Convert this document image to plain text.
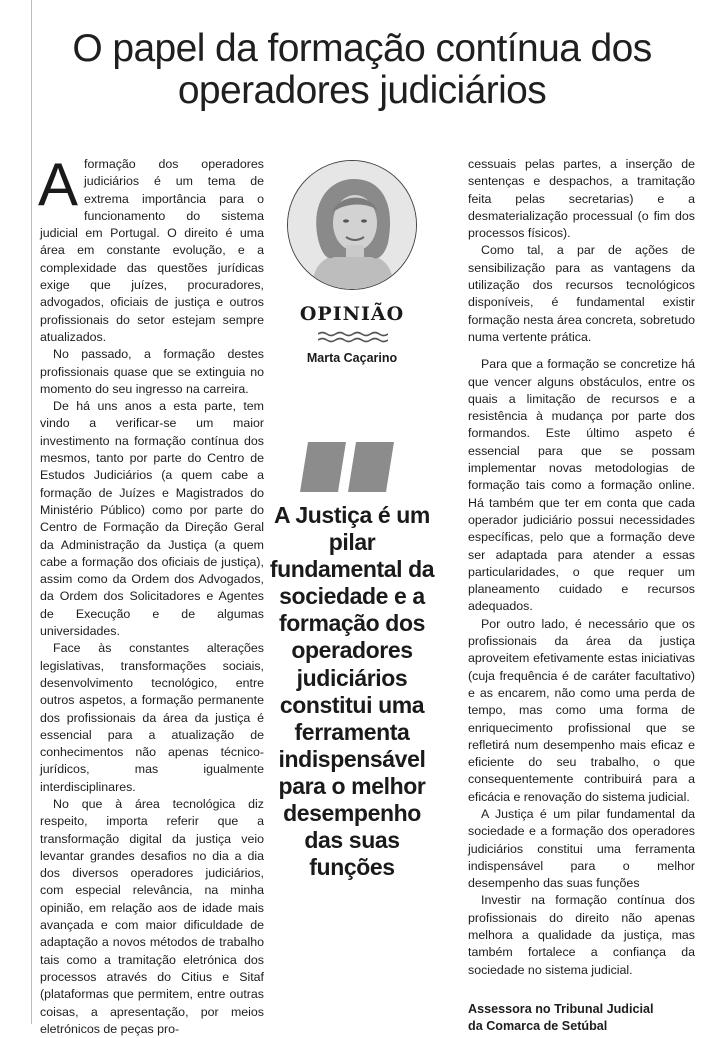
O papel da formação contínua dos operadores judiciários

Aformação dos operadores judiciários é um tema de extrema importância para o funcionamento do sistema judicial em Portugal. O direito é uma área em constante evolução, e a complexidade das questões jurídicas exige que juízes, procuradores, advogados, oficiais de justiça e outros profissionais do setor estejam sempre atualizados.

No passado, a formação destes profissionais quase que se extinguia no momento do seu ingresso na carreira.

De há uns anos a esta parte, tem vindo a verificar-se um maior investimento na formação contínua dos mesmos, tanto por parte do Centro de Estudos Judiciários (a quem cabe a formação de Juízes e Magistrados do Ministério Público) como por parte do Centro de Formação da Direção Geral da Administração da Justiça (a quem cabe a formação dos oficiais de justiça), assim como da Ordem dos Advogados, da Ordem dos Solicitadores e Agentes de Execução e de algumas universidades.

Face às constantes alterações legislativas, transformações sociais, desenvolvimento tecnológico, entre outros aspetos, a formação permanente dos profissionais da área da justiça é essencial para a atualização de conhecimentos não apenas técnico-jurídicos, mas igualmente interdisciplinares.

No que à área tecnológica diz respeito, importa referir que a transformação digital da justiça veio levantar grandes desafios no dia a dia dos diversos operadores judiciários, com especial relevância, na minha opinião, em relação aos de idade mais avançada e com maior dificuldade de adaptação a novos métodos de trabalho tais como a tramitação eletrónica dos processos através do Citius e Sitaf (plataformas que permitem, entre outras coisas, a apresentação, por meios eletrónicos de peças pro-

OPINIÃO
Marta Caçarino

A Justiça é um pilar fundamental da sociedade e a formação dos operadores judiciários constitui uma ferramenta indispensável para o melhor desempenho das suas funções

cessuais pelas partes, a inserção de sentenças e despachos, a tramitação feita pelas secretarias) e a desmaterialização processual (o fim dos processos físicos).

Como tal, a par de ações de sensibilização para as vantagens da utilização dos recursos tecnológicos disponíveis, é fundamental existir formação nesta área concreta, sobretudo numa vertente prática.

Para que a formação se concretize há que vencer alguns obstáculos, entre os quais a limitação de recursos e a resistência à mudança por parte dos formandos. Este último aspeto é essencial para que se possam implementar novas metodologias de formação tais como a formação online. Há também que ter em conta que cada operador judiciário possui necessidades específicas, pelo que a formação deve ser adaptada para atender a essas particularidades, o que requer um planeamento cuidado e recursos adequados.

Por outro lado, é necessário que os profissionais da área da justiça aproveitem efetivamente estas iniciativas (cuja frequência é de caráter facultativo) e as encarem, não como uma perda de tempo, mas como uma forma de enriquecimento profissional que se refletirá num desempenho mais eficaz e eficiente do seu trabalho, o que consequentemente contribuirá para a eficácia e renovação do sistema judicial.

A Justiça é um pilar fundamental da sociedade e a formação dos operadores judiciários constitui uma ferramenta indispensável para o melhor desempenho das suas funções

Investir na formação contínua dos profissionais do direito não apenas melhora a qualidade da justiça, mas também fortalece a confiança da sociedade no sistema judicial.

Assessora no Tribunal Judicial
da Comarca de Setúbal
